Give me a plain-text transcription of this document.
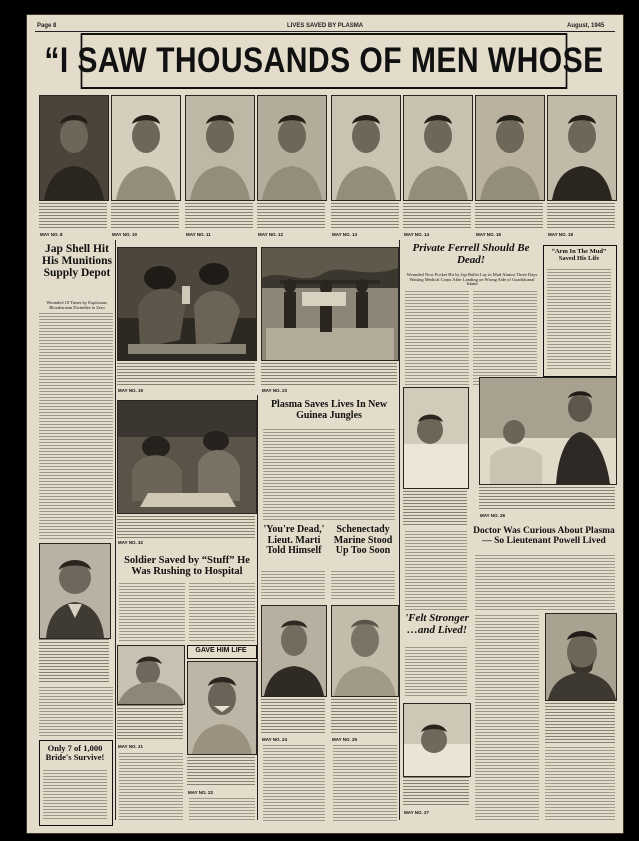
Page 8	LIVES SAVED BY PLASMA	August, 1945
“I SAW THOUSANDS OF MEN WHOSE
MAY NO. 8	MAY NO. 10	MAY NO. 11	MAY NO. 12	MAY NO. 13	MAY NO. 14	MAY NO. 16	MAY NO. 18
Jap Shell Hit His Munitions Supply Depot
Wounded 18 Times by Explosion; Bloodstream Dwindles to Zero
Only 7 of 1,000 Bride's Survive!
MAY NO. 19
MAY NO. 32
Soldier Saved by “Stuff” He Was Rushing to Hospital
MAY NO. 21
GAVE HIM LIFE
MAY NO. 22
MAY NO. 23
Plasma Saves Lives In New Guinea Jungles
'You're Dead,' Lieut. Marti Told Himself
Schenectady Marine Stood Up Too Soon
MAY NO. 24	MAY NO. 25
Private Ferrell Should Be Dead!
Wounded Now Pocket Hit by Jap Bullet Lay in Mud Almost Three Days Waiting Medical Corps After Landing on Wrong Side of Guadalcanal Island
“Arm In The Mud” Saved His Life
MAY NO. 26
Doctor Was Curious About Plasma— So Lieutenant Powell Lived
'Felt Stronger …and Lived!
MAY NO. 27
